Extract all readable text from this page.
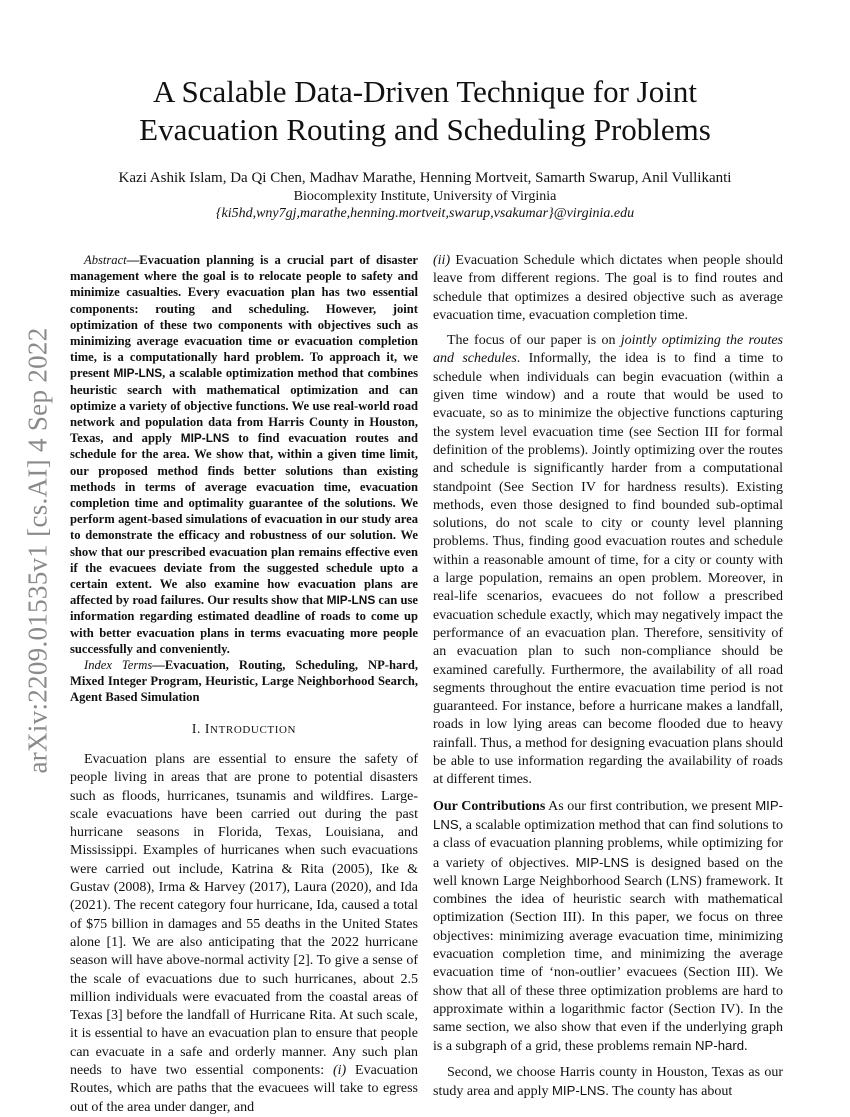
arXiv:2209.01535v1 [cs.AI] 4 Sep 2022
A Scalable Data-Driven Technique for Joint
Evacuation Routing and Scheduling Problems

Kazi Ashik Islam, Da Qi Chen, Madhav Marathe, Henning Mortveit, Samarth Swarup, Anil Vullikanti

Biocomplexity Institute, University of Virginia

{ki5hd,wny7gj,marathe,henning.mortveit,swarup,vsakumar}@virginia.edu

Abstract—Evacuation planning is a crucial part of disaster management where the goal is to relocate people to safety and minimize casualties. Every evacuation plan has two essential components: routing and scheduling. However, joint optimization of these two components with objectives such as minimizing average evacuation time or evacuation completion time, is a computationally hard problem. To approach it, we present MIP-LNS, a scalable optimization method that combines heuristic search with mathematical optimization and can optimize a variety of objective functions. We use real-world road network and population data from Harris County in Houston, Texas, and apply MIP-LNS to find evacuation routes and schedule for the area. We show that, within a given time limit, our proposed method finds better solutions than existing methods in terms of average evacuation time, evacuation completion time and optimality guarantee of the solutions. We perform agent-based simulations of evacuation in our study area to demonstrate the efficacy and robustness of our solution. We show that our prescribed evacuation plan remains effective even if the evacuees deviate from the suggested schedule upto a certain extent. We also examine how evacuation plans are affected by road failures. Our results show that MIP-LNS can use information regarding estimated deadline of roads to come up with better evacuation plans in terms evacuating more people successfully and conveniently.

Index Terms—Evacuation, Routing, Scheduling, NP-hard, Mixed Integer Program, Heuristic, Large Neighborhood Search, Agent Based Simulation

I. INTRODUCTION

Evacuation plans are essential to ensure the safety of people living in areas that are prone to potential disasters such as floods, hurricanes, tsunamis and wildfires. Large-scale evacuations have been carried out during the past hurricane seasons in Florida, Texas, Louisiana, and Mississippi. Examples of hurricanes when such evacuations were carried out include, Katrina & Rita (2005), Ike & Gustav (2008), Irma & Harvey (2017), Laura (2020), and Ida (2021). The recent category four hurricane, Ida, caused a total of $75 billion in damages and 55 deaths in the United States alone [1]. We are also anticipating that the 2022 hurricane season will have above-normal activity [2]. To give a sense of the scale of evacuations due to such hurricanes, about 2.5 million individuals were evacuated from the coastal areas of Texas [3] before the landfall of Hurricane Rita. At such scale, it is essential to have an evacuation plan to ensure that people can evacuate in a safe and orderly manner. Any such plan needs to have two essential components: (i) Evacuation Routes, which are paths that the evacuees will take to egress out of the area under danger, and

(ii) Evacuation Schedule which dictates when people should leave from different regions. The goal is to find routes and schedule that optimizes a desired objective such as average evacuation time, evacuation completion time.

The focus of our paper is on jointly optimizing the routes and schedules. Informally, the idea is to find a time to schedule when individuals can begin evacuation (within a given time window) and a route that would be used to evacuate, so as to minimize the objective functions capturing the system level evacuation time (see Section III for formal definition of the problems). Jointly optimizing over the routes and schedule is significantly harder from a computational standpoint (See Section IV for hardness results). Existing methods, even those designed to find bounded sub-optimal solutions, do not scale to city or county level planning problems. Thus, finding good evacuation routes and schedule within a reasonable amount of time, for a city or county with a large population, remains an open problem. Moreover, in real-life scenarios, evacuees do not follow a prescribed evacuation schedule exactly, which may negatively impact the performance of an evacuation plan. Therefore, sensitivity of an evacuation plan to such non-compliance should be examined carefully. Furthermore, the availability of all road segments throughout the entire evacuation time period is not guaranteed. For instance, before a hurricane makes a landfall, roads in low lying areas can become flooded due to heavy rainfall. Thus, a method for designing evacuation plans should be able to use information regarding the availability of roads at different times.

Our Contributions As our first contribution, we present MIP-LNS, a scalable optimization method that can find solutions to a class of evacuation planning problems, while optimizing for a variety of objectives. MIP-LNS is designed based on the well known Large Neighborhood Search (LNS) framework. It combines the idea of heuristic search with mathematical optimization (Section III). In this paper, we focus on three objectives: minimizing average evacuation time, minimizing evacuation completion time, and minimizing the average evacuation time of ‘non-outlier’ evacuees (Section III). We show that all of these three optimization problems are hard to approximate within a logarithmic factor (Section IV). In the same section, we also show that even if the underlying graph is a subgraph of a grid, these problems remain NP-hard.

Second, we choose Harris county in Houston, Texas as our study area and apply MIP-LNS. The county has about
